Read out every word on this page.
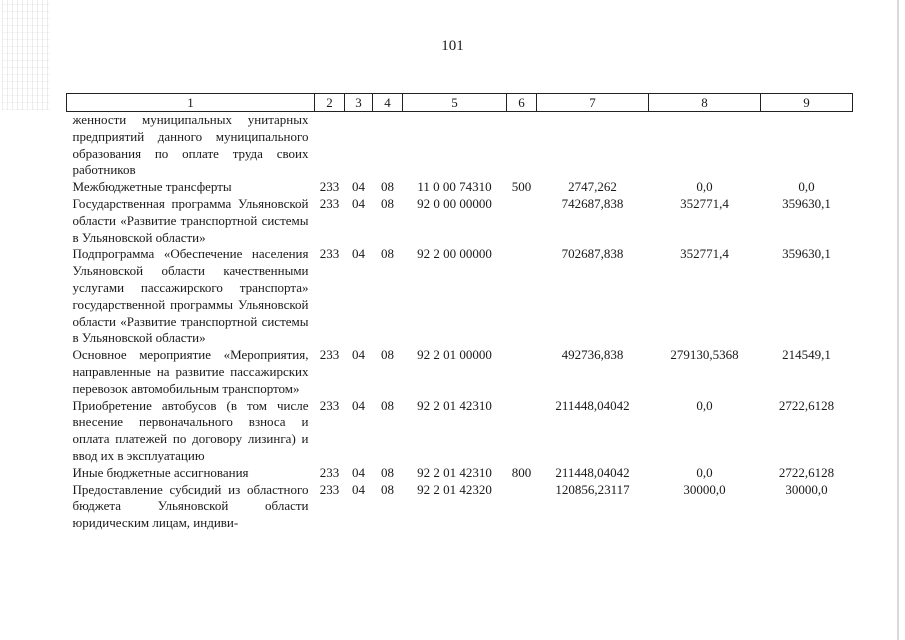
101
1	2	3	4	5	6	7	8	9
женности муниципальных унитарных предприятий данного муниципального образования по оплате труда своих работников								
Межбюджетные трансферты	233	04	08	11 0 00 74310	500	2747,262	0,0	0,0
Государственная программа Ульяновской области «Развитие транспортной системы в Ульяновской области»	233	04	08	92 0 00 00000		742687,838	352771,4	359630,1
Подпрограмма «Обеспечение населения Ульяновской области качественными услугами пассажирского транспорта» государственной программы Ульяновской области «Развитие транспортной системы в Ульяновской области»	233	04	08	92 2 00 00000		702687,838	352771,4	359630,1
Основное мероприятие «Мероприятия, направленные на развитие пассажирских перевозок автомобильным транспортом»	233	04	08	92 2 01 00000		492736,838	279130,5368	214549,1
Приобретение автобусов (в том числе внесение первоначального взноса и оплата платежей по договору лизинга) и ввод их в эксплуатацию	233	04	08	92 2 01 42310		211448,04042	0,0	2722,6128
Иные бюджетные ассигнования	233	04	08	92 2 01 42310	800	211448,04042	0,0	2722,6128
Предоставление субсидий из областного бюджета Ульяновской области юридическим лицам, индиви-	233	04	08	92 2 01 42320		120856,23117	30000,0	30000,0
